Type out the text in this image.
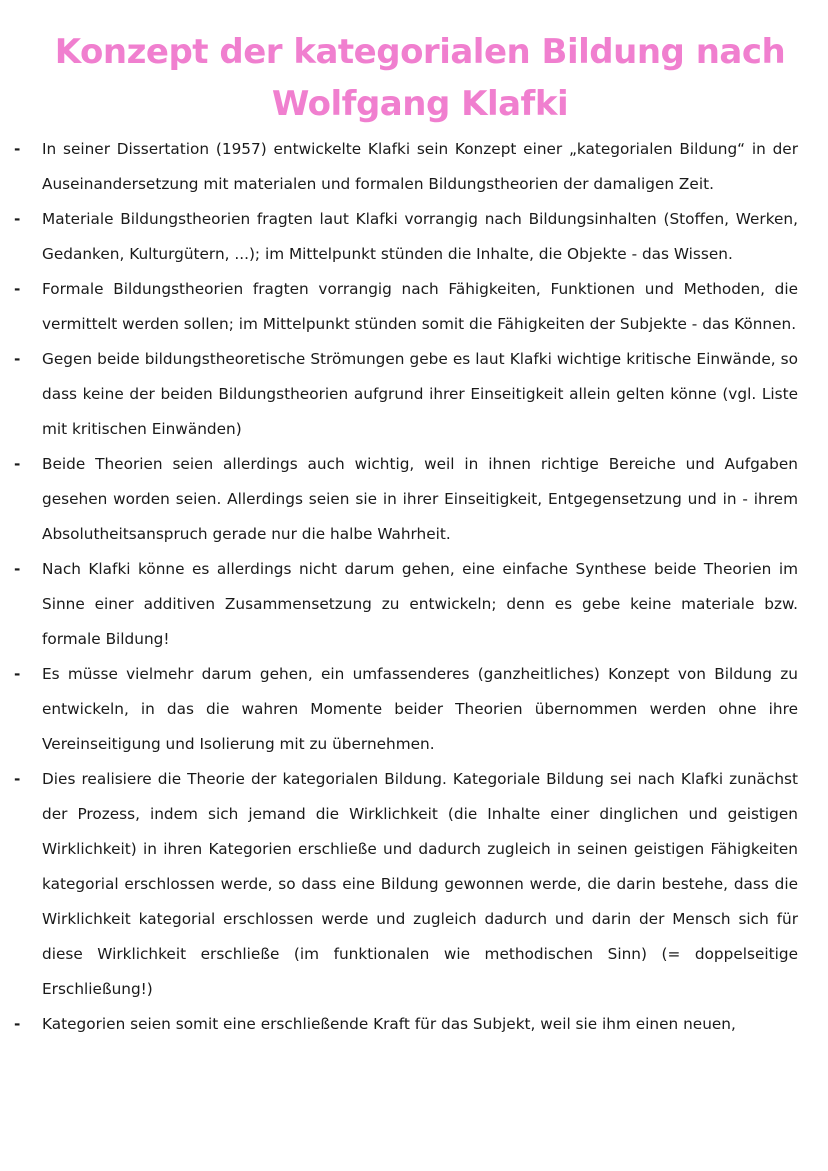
Konzept der kategorialen Bildung nach Wolfgang Klafki
- In seiner Dissertation (1957) entwickelte Klafki sein Konzept einer „kategorialen Bildung“ in der Auseinandersetzung mit materialen und formalen Bildungstheorien der damaligen Zeit.
- Materiale Bildungstheorien fragten laut Klafki vorrangig nach Bildungsinhalten (Stoffen, Werken, Gedanken, Kulturgütern, ...); im Mittelpunkt stünden die Inhalte, die Objekte - das Wissen.
- Formale Bildungstheorien fragten vorrangig nach Fähigkeiten, Funktionen und Methoden, die vermittelt werden sollen; im Mittelpunkt stünden somit die Fähigkeiten der Subjekte - das Können.
- Gegen beide bildungstheoretische Strömungen gebe es laut Klafki wichtige kritische Einwände, so dass keine der beiden Bildungstheorien aufgrund ihrer Einseitigkeit allein gelten könne (vgl. Liste mit kritischen Einwänden)
- Beide Theorien seien allerdings auch wichtig, weil in ihnen richtige Bereiche und Aufgaben gesehen worden seien. Allerdings seien sie in ihrer Einseitigkeit, Entgegensetzung und in - ihrem Absolutheitsanspruch gerade nur die halbe Wahrheit.
- Nach Klafki könne es allerdings nicht darum gehen, eine einfache Synthese beide Theorien im Sinne einer additiven Zusammensetzung zu entwickeln; denn es gebe keine materiale bzw. formale Bildung!
- Es müsse vielmehr darum gehen, ein umfassenderes (ganzheitliches) Konzept von Bildung zu entwickeln, in das die wahren Momente beider Theorien übernommen werden ohne ihre Vereinseitigung und Isolierung mit zu übernehmen.
- Dies realisiere die Theorie der kategorialen Bildung. Kategoriale Bildung sei nach Klafki zunächst der Prozess, indem sich jemand die Wirklichkeit (die Inhalte einer dinglichen und geistigen Wirklichkeit) in ihren Kategorien erschließe und dadurch zugleich in seinen geistigen Fähigkeiten kategorial erschlossen werde, so dass eine Bildung gewonnen werde, die darin bestehe, dass die Wirklichkeit kategorial erschlossen werde und zugleich dadurch und darin der Mensch sich für diese Wirklichkeit erschließe (im funktionalen wie methodischen Sinn) (= doppelseitige Erschließung!)
- Kategorien seien somit eine erschließende Kraft für das Subjekt, weil sie ihm einen neuen,
